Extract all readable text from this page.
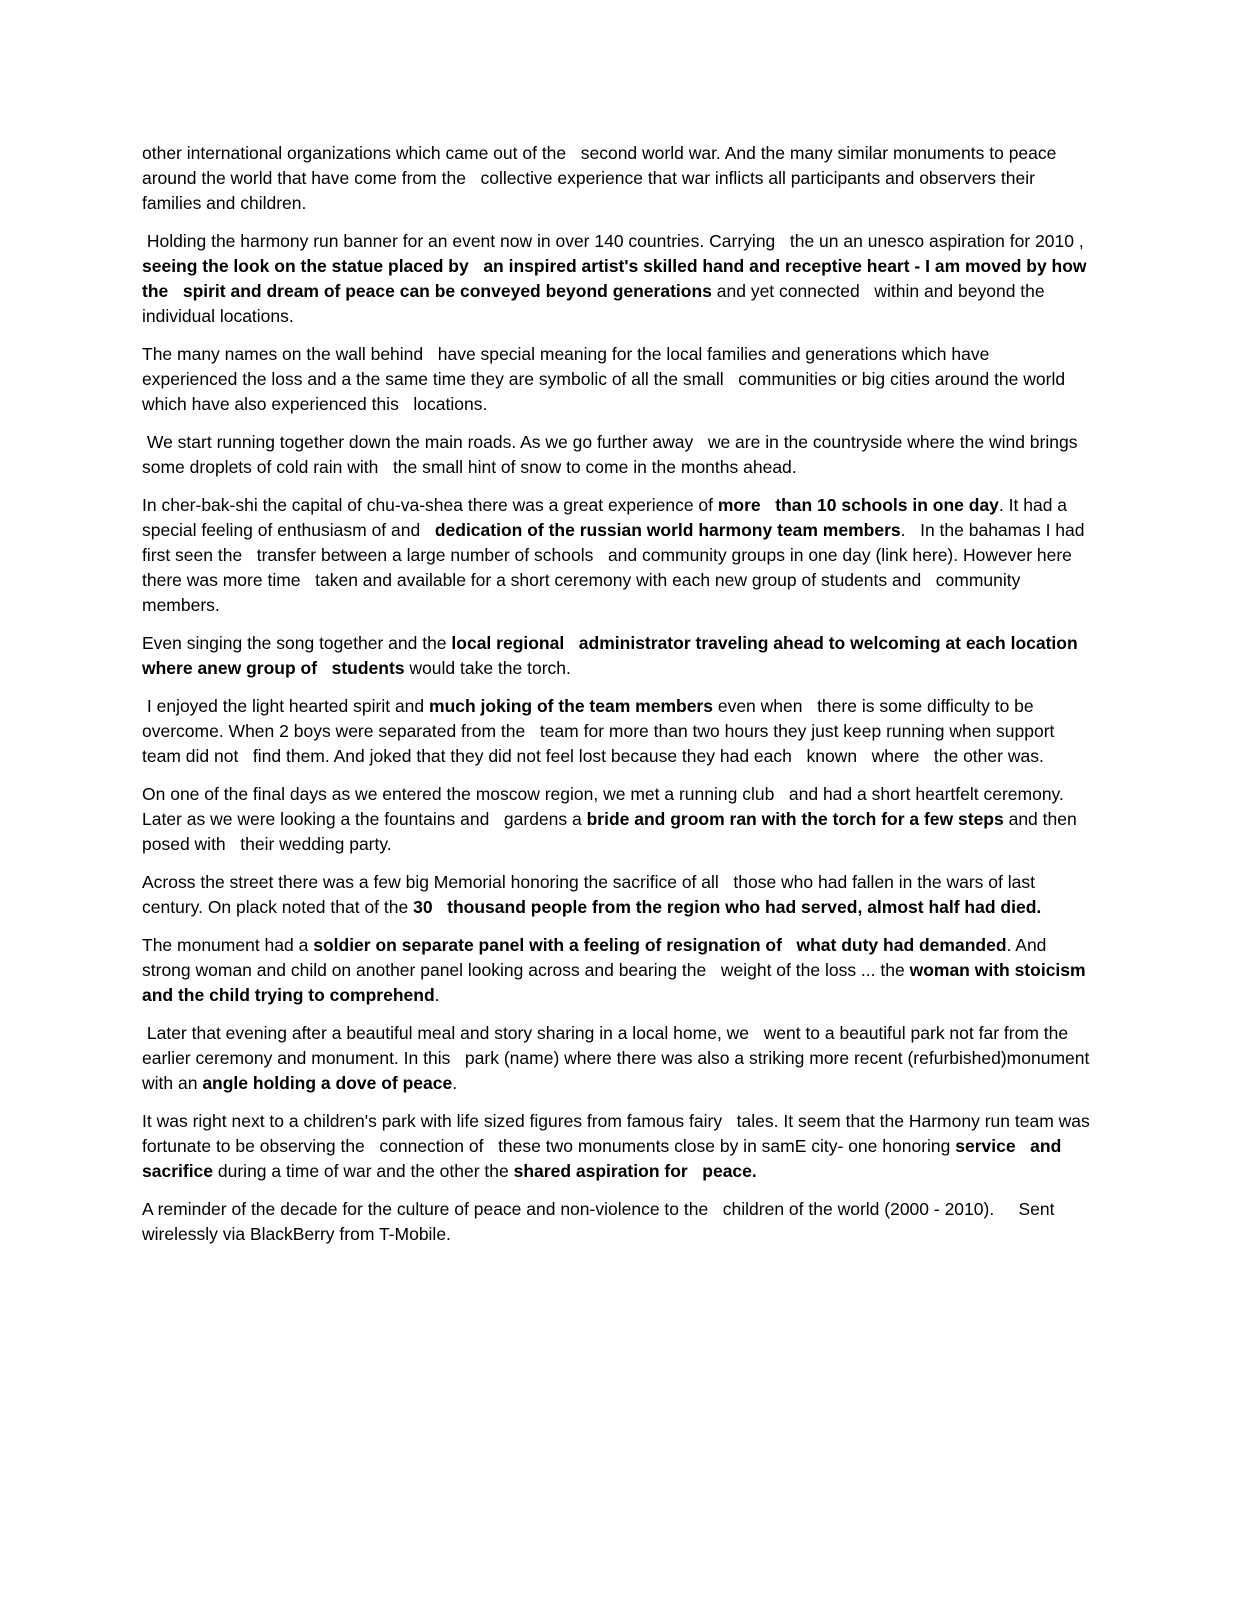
other international organizations which came out of the   second world war. And the many similar monuments to peace around the world that have come from the   collective experience that war inflicts all participants and observers their   families and children.

Holding the harmony run banner for an event now in over 140 countries. Carrying   the un an unesco aspiration for 2010 , seeing the look on the statue placed by   an inspired artist's skilled hand and receptive heart - I am moved by how the   spirit and dream of peace can be conveyed beyond generations and yet connected   within and beyond the individual locations.

The many names on the wall behind   have special meaning for the local families and generations which have   experienced the loss and a the same time they are symbolic of all the small   communities or big cities around the world which have also experienced this   locations.

We start running together down the main roads. As we go further away   we are in the countryside where the wind brings some droplets of cold rain with   the small hint of snow to come in the months ahead.

In cher-bak-shi the capital of chu-va-shea there was a great experience of more   than 10 schools in one day. It had a special feeling of enthusiasm of and   dedication of the russian world harmony team members.   In the bahamas I had first seen the   transfer between a large number of schools   and community groups in one day (link here). However here there was more time   taken and available for a short ceremony with each new group of students and   community members.

Even singing the song together and the local regional   administrator traveling ahead to welcoming at each location where anew group of   students would take the torch.

I enjoyed the light hearted spirit and much joking of the team members even when   there is some difficulty to be overcome. When 2 boys were separated from the   team for more than two hours they just keep running when support team did not   find them. And joked that they did not feel lost because they had each   known   where   the other was.

On one of the final days as we entered the moscow region, we met a running club   and had a short heartfelt ceremony. Later as we were looking a the fountains and   gardens a bride and groom ran with the torch for a few steps and then posed with   their wedding party.

Across the street there was a few big Memorial honoring the sacrifice of all   those who had fallen in the wars of last century. On plack noted that of the 30   thousand people from the region who had served, almost half had died.

The monument had a soldier on separate panel with a feeling of resignation of   what duty had demanded. And strong woman and child on another panel looking across and bearing the   weight of the loss ... the woman with stoicism and the child trying to comprehend.

Later that evening after a beautiful meal and story sharing in a local home, we   went to a beautiful park not far from the earlier ceremony and monument. In this   park (name) where there was also a striking more recent (refurbished)monument   with an angle holding a dove of peace.

It was right next to a children's park with life sized figures from famous fairy   tales. It seem that the Harmony run team was fortunate to be observing the   connection of   these two monuments close by in samE city- one honoring service   and sacrifice during a time of war and the other the shared aspiration for   peace.

A reminder of the decade for the culture of peace and non-violence to the   children of the world (2000 - 2010).     Sent wirelessly via BlackBerry from T-Mobile.
